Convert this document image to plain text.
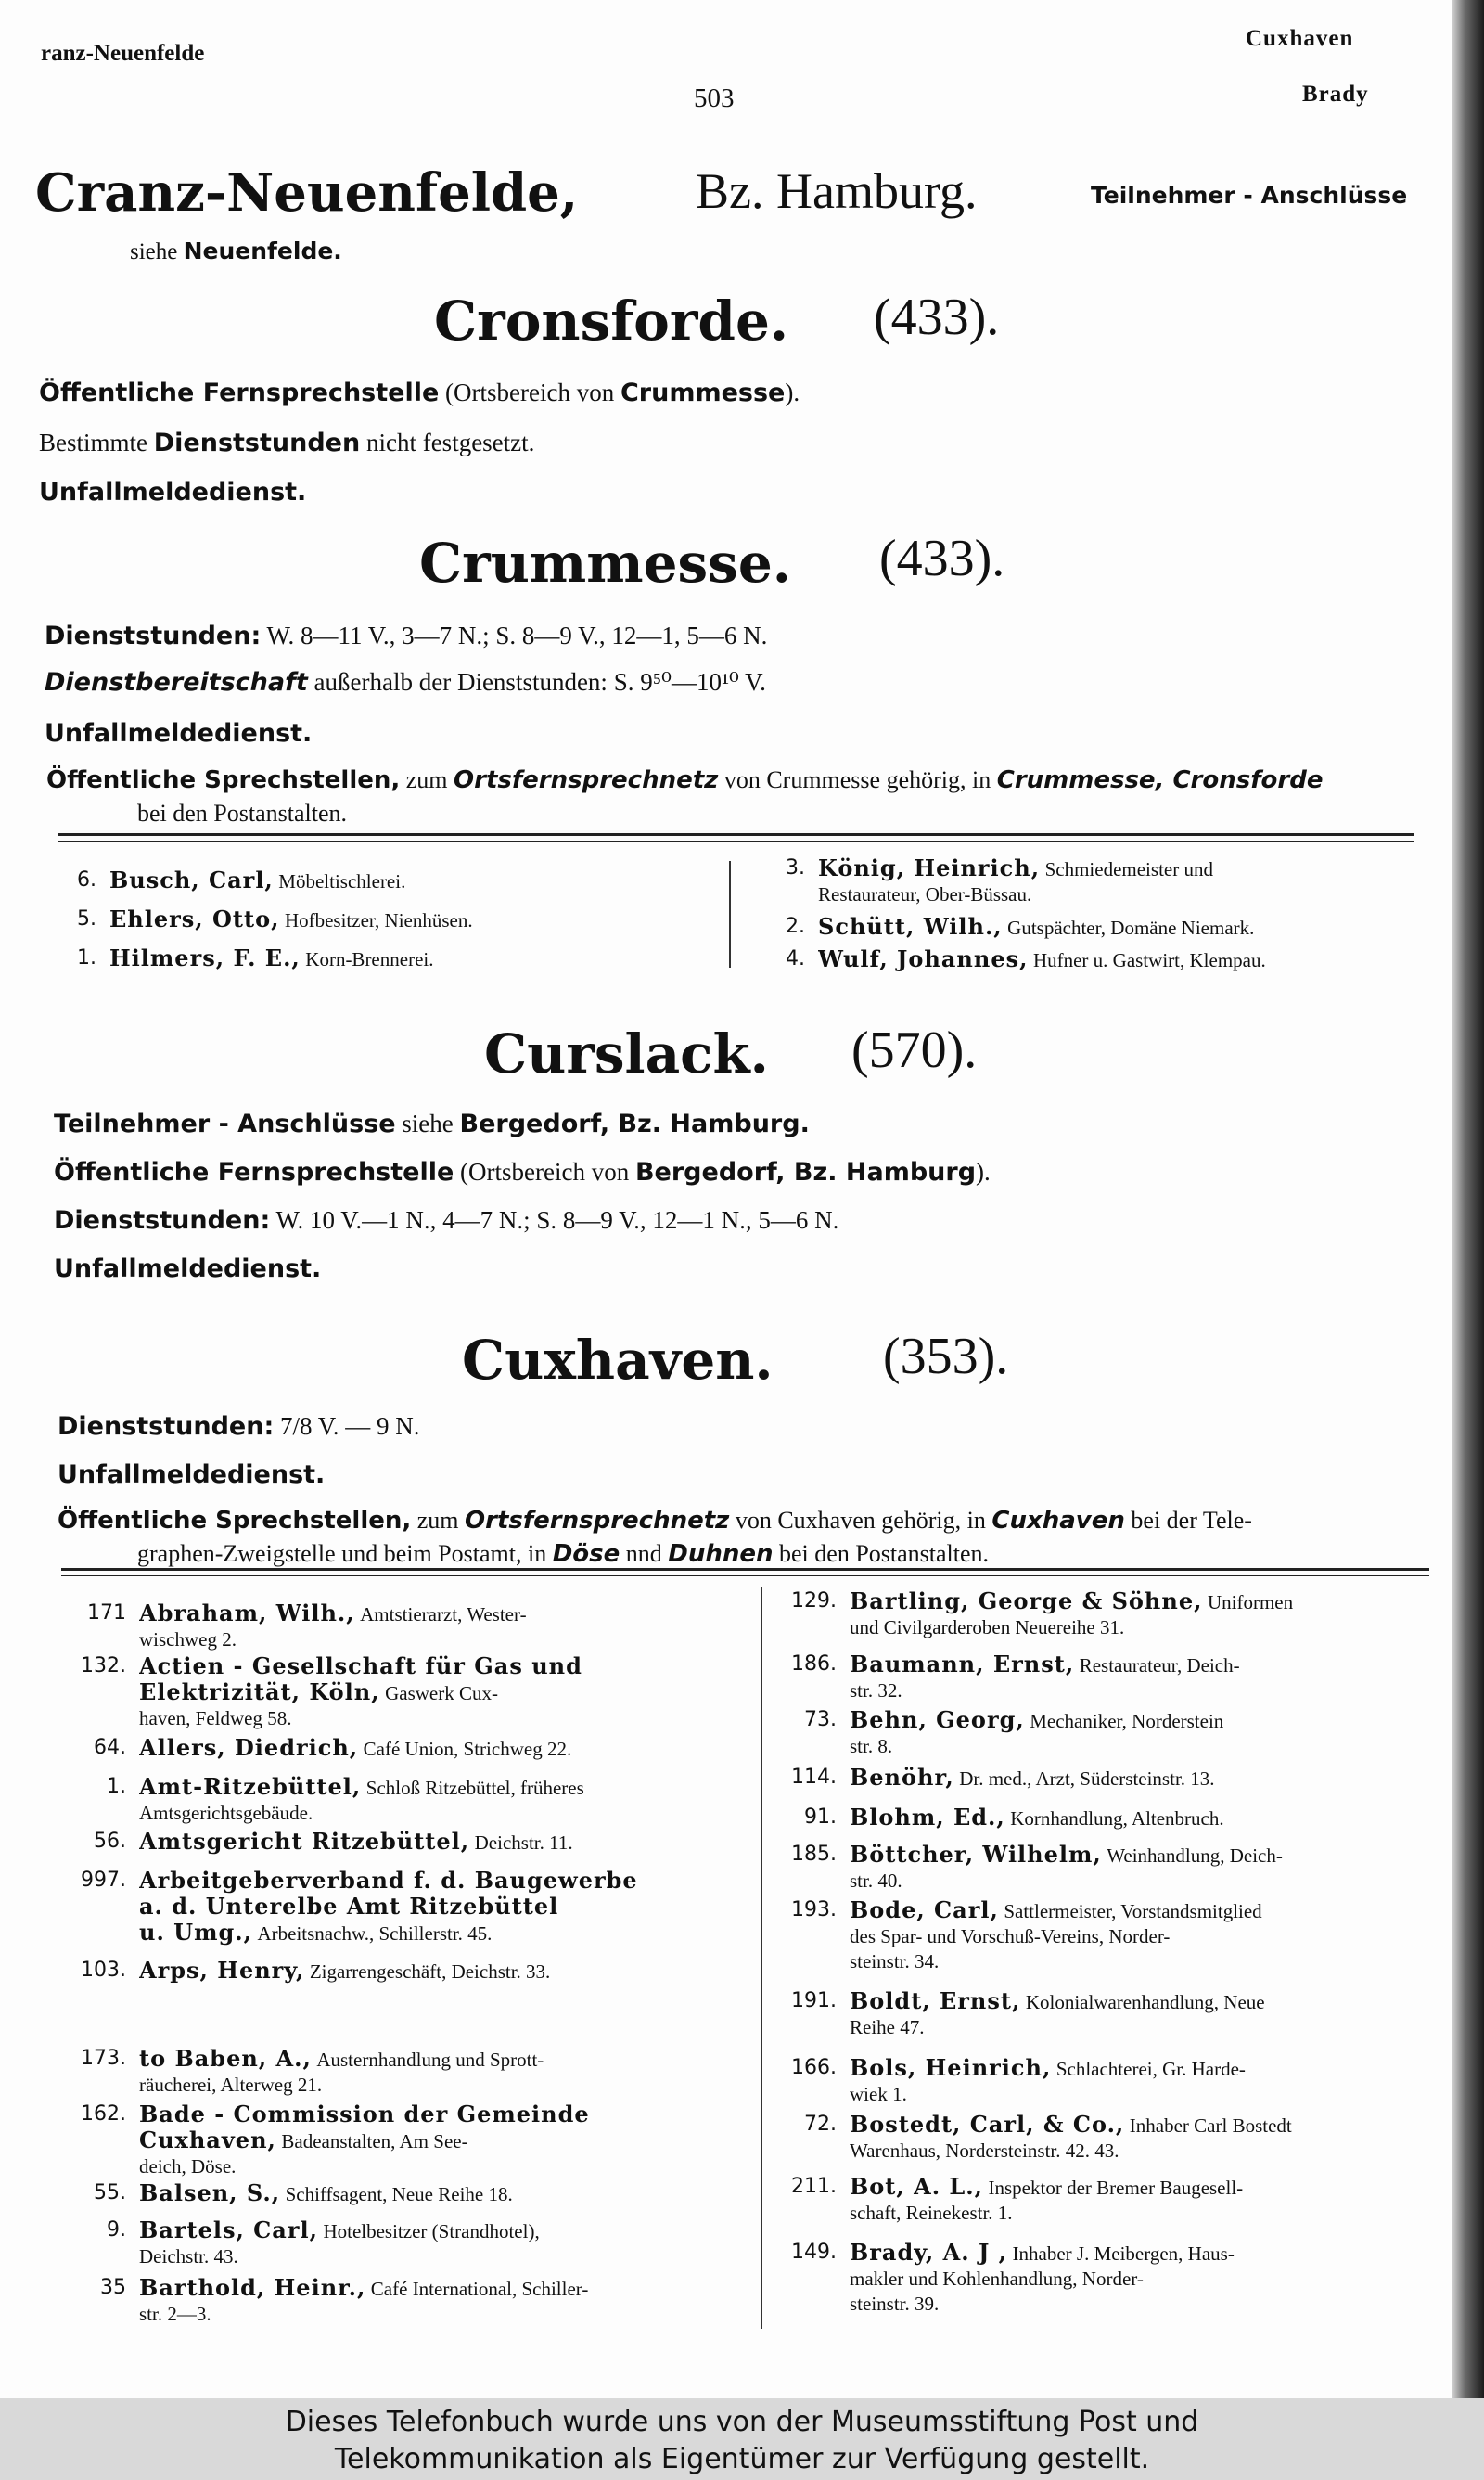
ranz-Neuenfelde
503
Cuxhaven
Brady
Cranz-Neuenfelde, Bz. Hamburg.	Teilnehmer - Anschlüsse
siehe Neuenfelde.
Cronsforde. (433).
Öffentliche Fernsprechstelle (Ortsbereich von Crummesse).
Bestimmte Dienststunden nicht festgesetzt.
Unfallmeldedienst.
Crummesse. (433).
Dienststunden: W. 8—11 V., 3—7 N.; S. 8—9 V., 12—1, 5—6 N.
Dienstbereitschaft außerhalb der Dienststunden: S. 9⁵⁰—10¹⁰ V.
Unfallmeldedienst.
Öffentliche Sprechstellen, zum Ortsfernsprechnetz von Crummesse gehörig, in Crummesse, Cronsforde
bei den Postanstalten.
6. Busch, Carl, Möbeltischlerei.
5. Ehlers, Otto, Hofbesitzer, Nienhüsen.
1. Hilmers, F. E., Korn-Brennerei.
3. König, Heinrich, Schmiedemeister und
Restaurateur, Ober-Büssau.
2. Schütt, Wilh., Gutspächter, Domäne Niemark.
4. Wulf, Johannes, Hufner u. Gastwirt, Klempau.
Curslack. (570).
Teilnehmer - Anschlüsse siehe Bergedorf, Bz. Hamburg.
Öffentliche Fernsprechstelle (Ortsbereich von Bergedorf, Bz. Hamburg).
Dienststunden: W. 10 V.—1 N., 4—7 N.; S. 8—9 V., 12—1 N., 5—6 N.
Unfallmeldedienst.
Cuxhaven. (353).
Dienststunden: 7/8 V. — 9 N.
Unfallmeldedienst.
Öffentliche Sprechstellen, zum Ortsfernsprechnetz von Cuxhaven gehörig, in Cuxhaven bei der Tele-
graphen-Zweigstelle und beim Postamt, in Döse nnd Duhnen bei den Postanstalten.
171 Abraham, Wilh., Amtstierarzt, Wester-
wischweg 2.
132. Actien - Gesellschaft für Gas und
Elektrizität, Köln, Gaswerk Cux-
haven, Feldweg 58.
64. Allers, Diedrich, Café Union, Strichweg 22.
1. Amt-Ritzebüttel, Schloß Ritzebüttel, früheres
Amtsgerichtsgebäude.
56. Amtsgericht Ritzebüttel, Deichstr. 11.
997. Arbeitgeberverband f. d. Baugewerbe
a. d. Unterelbe Amt Ritzebüttel
u. Umg., Arbeitsnachw., Schillerstr. 45.
103. Arps, Henry, Zigarrengeschäft, Deichstr. 33.
173. to Baben, A., Austernhandlung und Sprott-
räucherei, Alterweg 21.
162. Bade - Commission der Gemeinde
Cuxhaven, Badeanstalten, Am See-
deich, Döse.
55. Balsen, S., Schiffsagent, Neue Reihe 18.
9. Bartels, Carl, Hotelbesitzer (Strandhotel),
Deichstr. 43.
35 Barthold, Heinr., Café International, Schiller-
str. 2—3.
129. Bartling, George & Söhne, Uniformen
und Civilgarderoben Neuereihe 31.
186. Baumann, Ernst, Restaurateur, Deich-
str. 32.
73. Behn, Georg, Mechaniker, Norderstein
str. 8.
114. Benöhr, Dr. med., Arzt, Südersteinstr. 13.
91. Blohm, Ed., Kornhandlung, Altenbruch.
185. Böttcher, Wilhelm, Weinhandlung, Deich-
str. 40.
193. Bode, Carl, Sattlermeister, Vorstandsmitglied
des Spar- und Vorschuß-Vereins, Norder-
steinstr. 34.
191. Boldt, Ernst, Kolonialwarenhandlung, Neue
Reihe 47.
166. Bols, Heinrich, Schlachterei, Gr. Harde-
wiek 1.
72. Bostedt, Carl, & Co., Inhaber Carl Bostedt
Warenhaus, Nordersteinstr. 42. 43.
211. Bot, A. L., Inspektor der Bremer Baugesell-
schaft, Reinekestr. 1.
149. Brady, A. J , Inhaber J. Meibergen, Haus-
makler und Kohlenhandlung, Norder-
steinstr. 39.
Dieses Telefonbuch wurde uns von der Museumsstiftung Post und
Telekommunikation als Eigentümer zur Verfügung gestellt.
